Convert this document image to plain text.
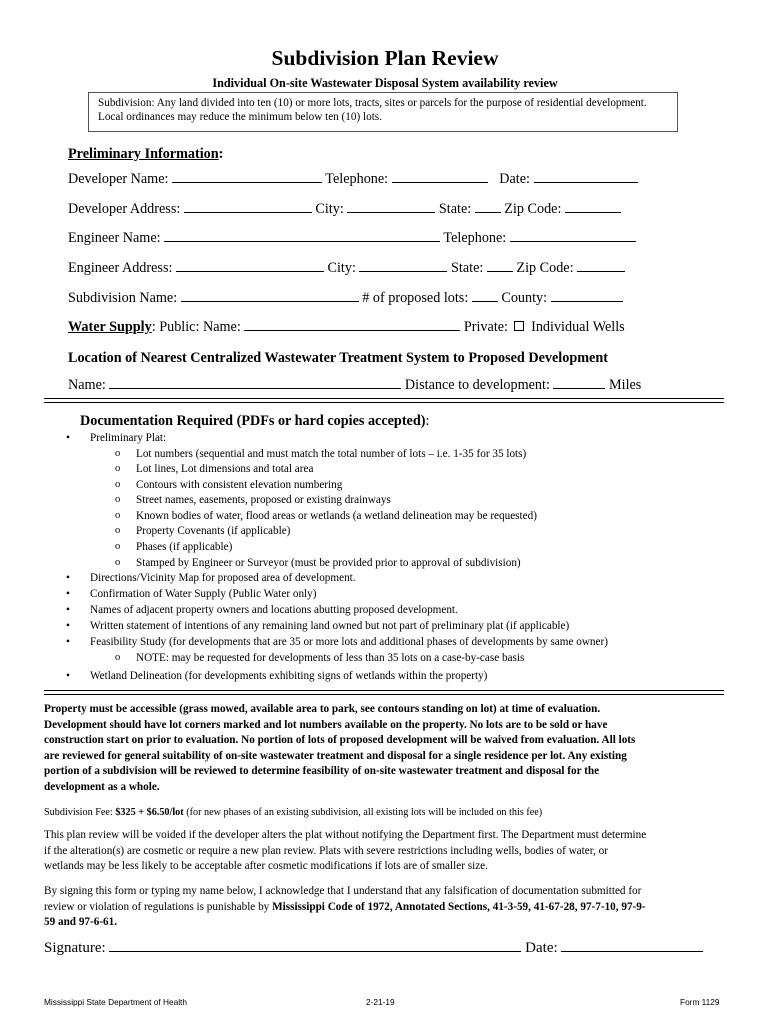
Subdivision Plan Review
Individual On-site Wastewater Disposal System availability review
Subdivision: Any land divided into ten (10) or more lots, tracts, sites or parcels for the purpose of residential development. Local ordinances may reduce the minimum below ten (10) lots.
Preliminary Information:
Developer Name:	Telephone:	Date:
Developer Address:	City:	State: Zip Code:
Engineer Name:	Telephone:
Engineer Address:	City:	State: Zip Code:
Subdivision Name:	# of proposed lots: County:
Water Supply: Public: Name:	Private: Individual Wells
Location of Nearest Centralized Wastewater Treatment System to Proposed Development
Name:	Distance to development:	Miles
Documentation Required (PDFs or hard copies accepted):
• Preliminary Plat:
o Lot numbers (sequential and must match the total number of lots – i.e. 1-35 for 35 lots)
o Lot lines, Lot dimensions and total area
o Contours with consistent elevation numbering
o Street names, easements, proposed or existing drainways
o Known bodies of water, flood areas or wetlands (a wetland delineation may be requested)
o Property Covenants (if applicable)
o Phases (if applicable)
o Stamped by Engineer or Surveyor (must be provided prior to approval of subdivision)
• Directions/Vicinity Map for proposed area of development.
• Confirmation of Water Supply (Public Water only)
• Names of adjacent property owners and locations abutting proposed development.
• Written statement of intentions of any remaining land owned but not part of preliminary plat (if applicable)
• Feasibility Study (for developments that are 35 or more lots and additional phases of developments by same owner)
o NOTE: may be requested for developments of less than 35 lots on a case-by-case basis
• Wetland Delineation (for developments exhibiting signs of wetlands within the property)
Property must be accessible (grass mowed, available area to park, see contours standing on lot) at time of evaluation.
Development should have lot corners marked and lot numbers available on the property. No lots are to be sold or have
construction start on prior to evaluation. No portion of lots of proposed development will be waived from evaluation. All lots
are reviewed for general suitability of on-site wastewater treatment and disposal for a single residence per lot. Any existing
portion of a subdivision will be reviewed to determine feasibility of on-site wastewater treatment and disposal for the
development as a whole.
Subdivision Fee: $325 + $6.50/lot (for new phases of an existing subdivision, all existing lots will be included on this fee)
This plan review will be voided if the developer alters the plat without notifying the Department first. The Department must determine
if the alteration(s) are cosmetic or require a new plan review. Plats with severe restrictions including wells, bodies of water, or
wetlands may be less likely to be acceptable after cosmetic modifications if lots are of smaller size.
By signing this form or typing my name below, I acknowledge that I understand that any falsification of documentation submitted for
review or violation of regulations is punishable by Mississippi Code of 1972, Annotated Sections, 41-3-59, 41-67-28, 97-7-10, 97-9-
59 and 97-6-61.
Signature:	Date:
Mississippi State Department of Health	2-21-19	Form 1129
